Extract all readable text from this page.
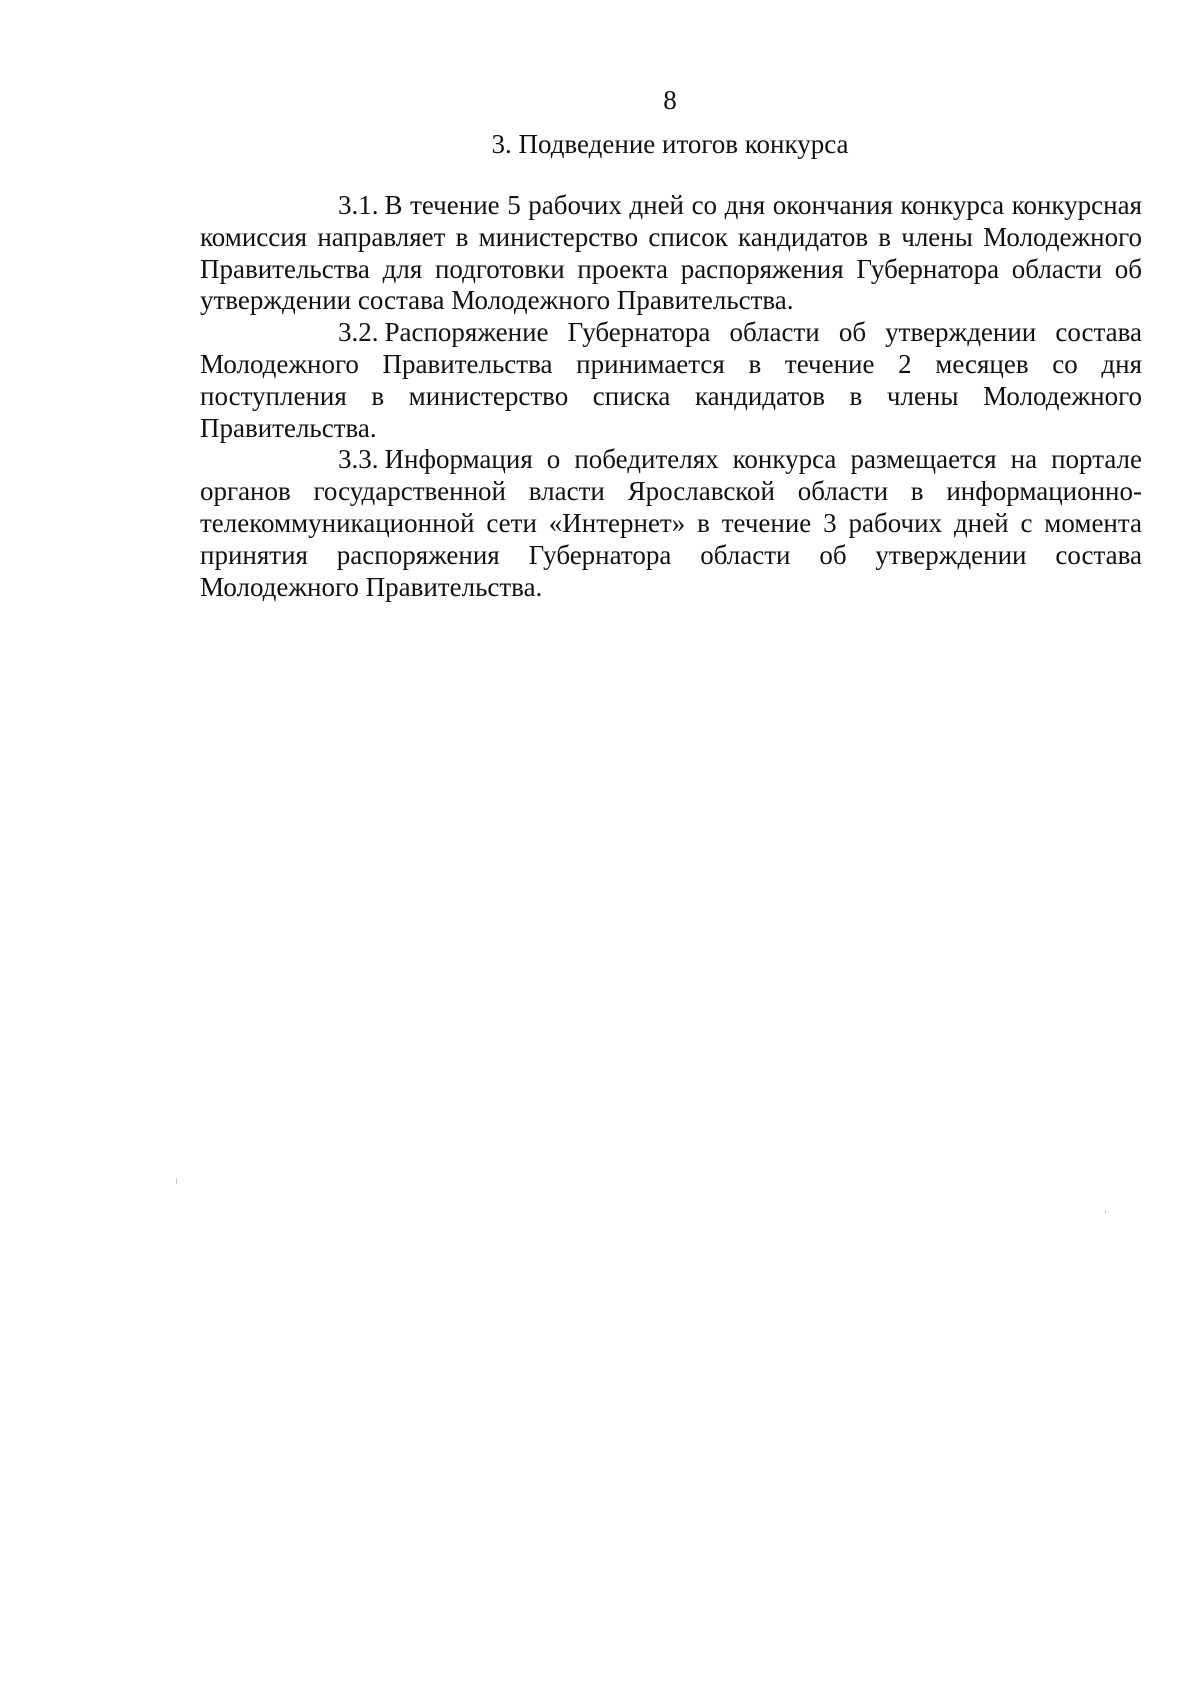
8
3. Подведение итогов конкурса

3.1. В течение 5 рабочих дней со дня окончания конкурса конкурсная комиссия направляет в министерство список кандидатов в члены Молодежного Правительства для подготовки проекта распоряжения Губернатора области об утверждении состава Молодежного Правительства.

3.2. Распоряжение Губернатора области об утверждении состава Молодежного Правительства принимается в течение 2 месяцев со дня поступления в министерство списка кандидатов в члены Молодежного Правительства.

3.3. Информация о победителях конкурса размещается на портале органов государственной власти Ярославской области в информационно-телекоммуникационной сети «Интернет» в течение 3 рабочих дней с момента принятия распоряжения Губернатора области об утверждении состава Молодежного Правительства.
